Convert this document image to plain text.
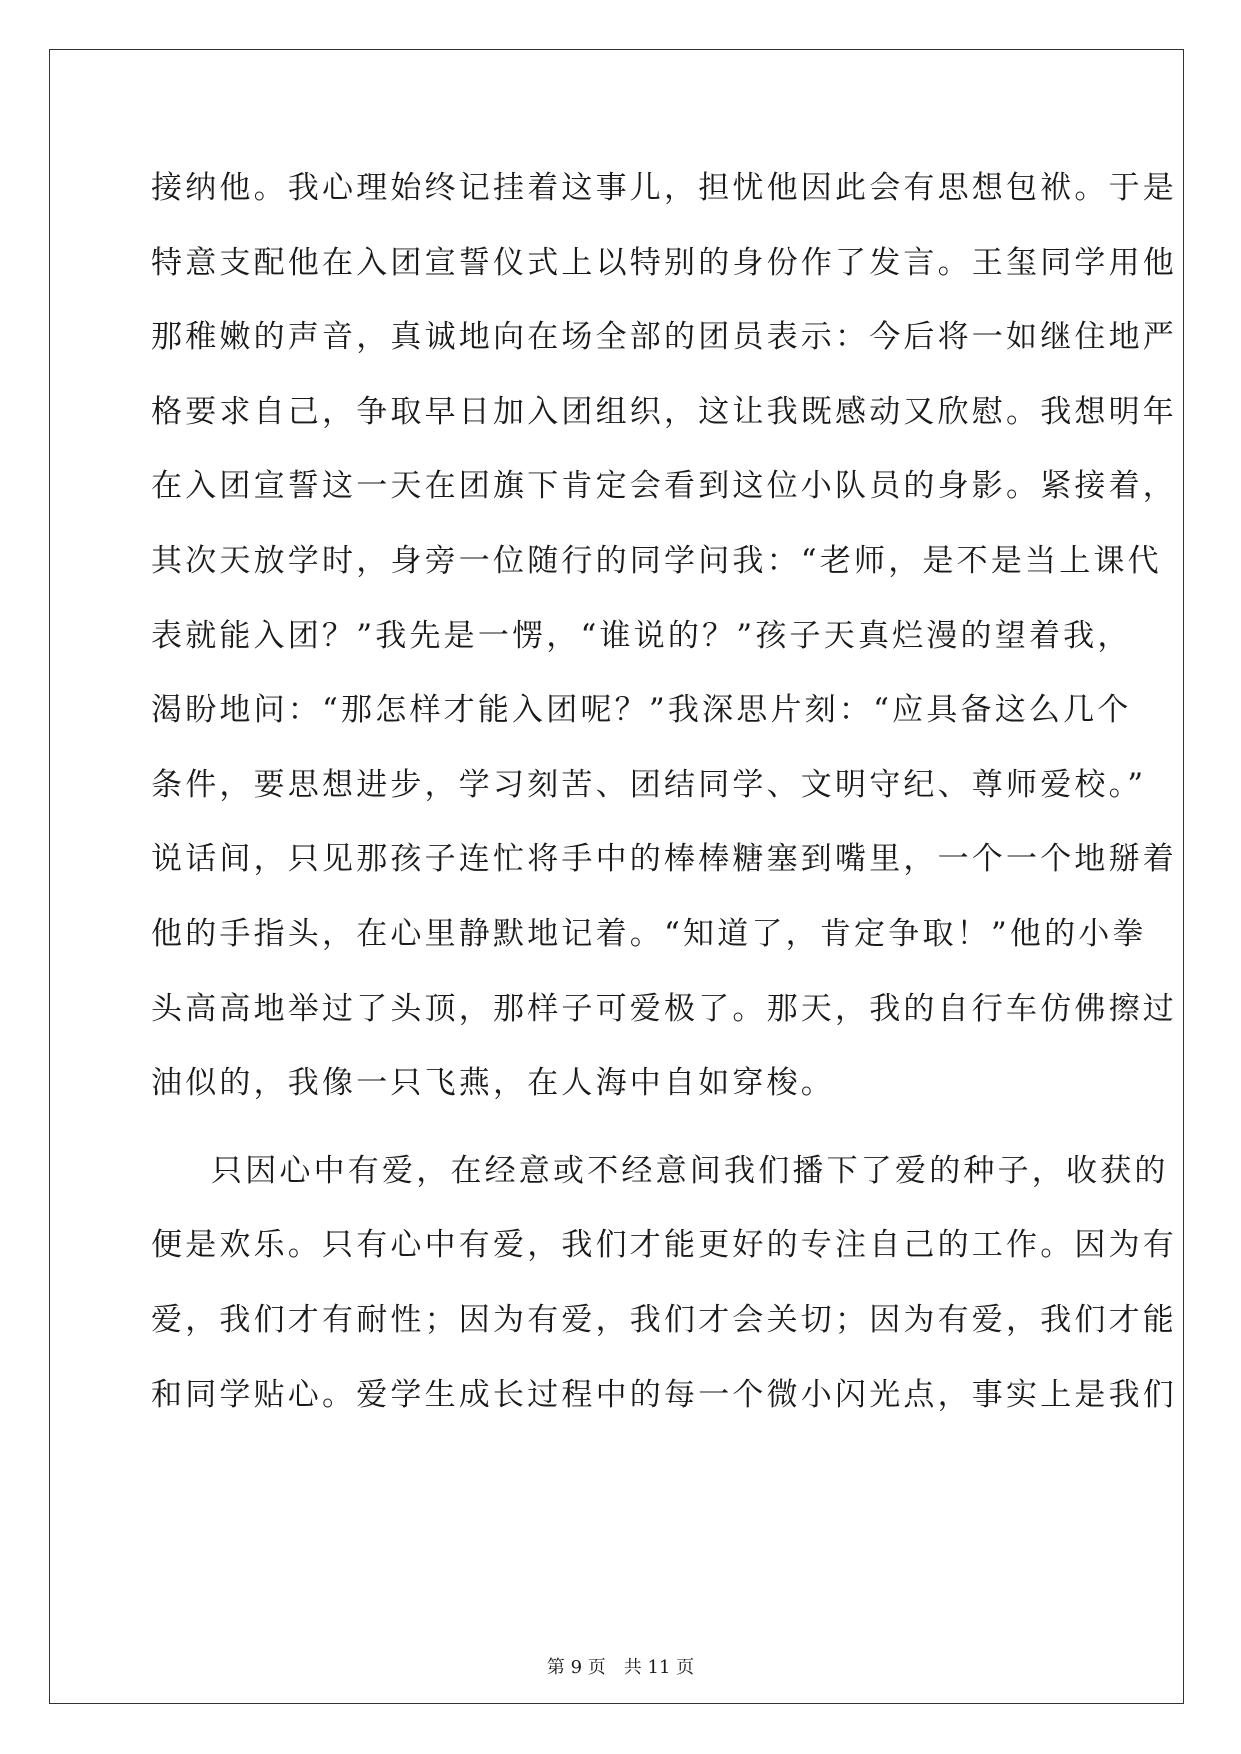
接纳他。我心理始终记挂着这事儿，担忧他因此会有思想包袱。于是
特意支配他在入团宣誓仪式上以特别的身份作了发言。王玺同学用他
那稚嫩的声音，真诚地向在场全部的团员表示：今后将一如继住地严
格要求自己，争取早日加入团组织，这让我既感动又欣慰。我想明年
在入团宣誓这一天在团旗下肯定会看到这位小队员的身影。紧接着，
其次天放学时，身旁一位随行的同学问我：“老师，是不是当上课代
表就能入团？”我先是一愣，“谁说的？”孩子天真烂漫的望着我，
渴盼地问：“那怎样才能入团呢？”我深思片刻：“应具备这么几个
条件，要思想进步，学习刻苦、团结同学、文明守纪、尊师爱校。”
说话间，只见那孩子连忙将手中的棒棒糖塞到嘴里，一个一个地掰着
他的手指头，在心里静默地记着。“知道了，肯定争取！”他的小拳
头高高地举过了头顶，那样子可爱极了。那天，我的自行车仿佛擦过
油似的，我像一只飞燕，在人海中自如穿梭。
只因心中有爱，在经意或不经意间我们播下了爱的种子，收获的
便是欢乐。只有心中有爱，我们才能更好的专注自己的工作。因为有
爱，我们才有耐性；因为有爱，我们才会关切；因为有爱，我们才能
和同学贴心。爱学生成长过程中的每一个微小闪光点，事实上是我们
第 9 页　共 11 页
